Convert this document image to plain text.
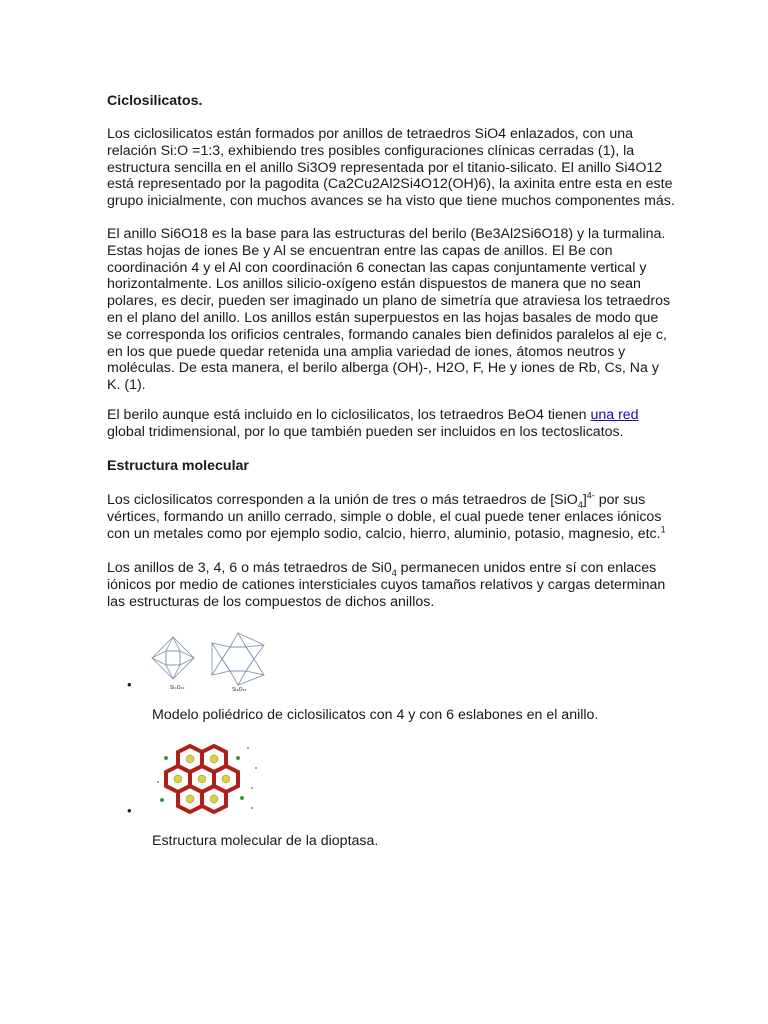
Ciclosilicatos.
Los ciclosilicatos están formados por anillos de tetraedros SiO4 enlazados, con una
relación Si:O =1:3, exhibiendo tres posibles configuraciones clínicas cerradas (1), la
estructura sencilla en el anillo Si3O9 representada por el titanio-silicato. El anillo Si4O12
está representado por la pagodita (Ca2Cu2Al2Si4O12(OH)6), la axinita entre esta en este
grupo inicialmente, con muchos avances se ha visto que tiene muchos componentes más.
El anillo Si6O18 es la base para las estructuras del berilo (Be3Al2Si6O18) y la turmalina.
Estas hojas de iones Be y Al se encuentran entre las capas de anillos. El Be con
coordinación 4 y el Al con coordinación 6 conectan las capas conjuntamente vertical y
horizontalmente. Los anillos silicio-oxígeno están dispuestos de manera que no sean
polares, es decir, pueden ser imaginado un plano de simetría que atraviesa los tetraedros
en el plano del anillo. Los anillos están superpuestos en las hojas basales de modo que
se corresponda los orificios centrales, formando canales bien definidos paralelos al eje c,
en los que puede quedar retenida una amplia variedad de iones, átomos neutros y
moléculas. De esta manera, el berilo alberga (OH)-, H2O, F, He y iones de Rb, Cs, Na y
K. (1).
El berilo aunque está incluido en lo ciclosilicatos, los tetraedros BeO4 tienen una red
global tridimensional, por lo que también pueden ser incluidos en los tectoslicatos.
Estructura molecular
Los ciclosilicatos corresponden a la unión de tres o más tetraedros de $[SiO_4]^{4-}$ por sus
vértices, formando un anillo cerrado, simple o doble, el cual puede tener enlaces iónicos
con un metales como por ejemplo sodio, calcio, hierro, aluminio, potasio, magnesio, etc.$^1$
Los anillos de 3, 4, 6 o más tetraedros de $Si0_4$ permanecen unidos entre sí con enlaces
iónicos por medio de cationes intersticiales cuyos tamaños relativos y cargas determinan
las estructuras de los compuestos de dichos anillos.
Si₄O₁₂	Si₆O₁₈
•
Modelo poliédrico de ciclosilicatos con 4 y con 6 eslabones en el anillo.
•
Estructura molecular de la dioptasa.
